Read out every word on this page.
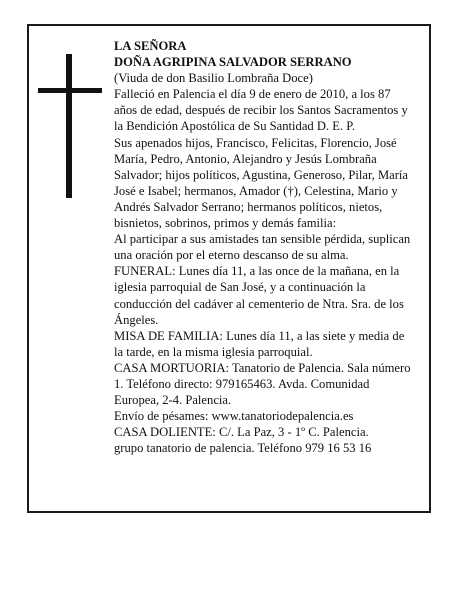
LA SEÑORA

DOÑA AGRIPINA SALVADOR SERRANO

(Viuda de don Basilio Lombraña Doce)

Falleció en Palencia el día 9 de enero de 2010, a los 87 años de edad, después de recibir los Santos Sacramentos y la Bendición Apostólica de Su Santidad D. E. P.

Sus apenados hijos, Francisco, Felicitas, Florencio, José María, Pedro, Antonio, Alejandro y Jesús Lombraña Salvador; hijos políticos, Agustina, Generoso, Pilar, María José e Isabel; hermanos, Amador (†), Celestina, Mario y Andrés Salvador Serrano; hermanos políticos, nietos, bisnietos, sobrinos, primos y demás familia:

Al participar a sus amistades tan sensible pérdida, suplican una oración por el eterno descanso de su alma.

FUNERAL: Lunes día 11, a las once de la mañana, en la iglesia parroquial de San José, y a continuación la conducción del cadáver al cementerio de Ntra. Sra. de los Ángeles.

MISA DE FAMILIA: Lunes día 11, a las siete y media de la tarde, en la misma iglesia parroquial.

CASA MORTUORIA: Tanatorio de Palencia. Sala número 1. Teléfono directo: 979165463. Avda. Comunidad Europea, 2-4. Palencia.

Envío de pésames: www.tanatoriodepalencia.es

CASA DOLIENTE: C/. La Paz, 3 - 1º C. Palencia.

grupo tanatorio de palencia. Teléfono 979 16 53 16
